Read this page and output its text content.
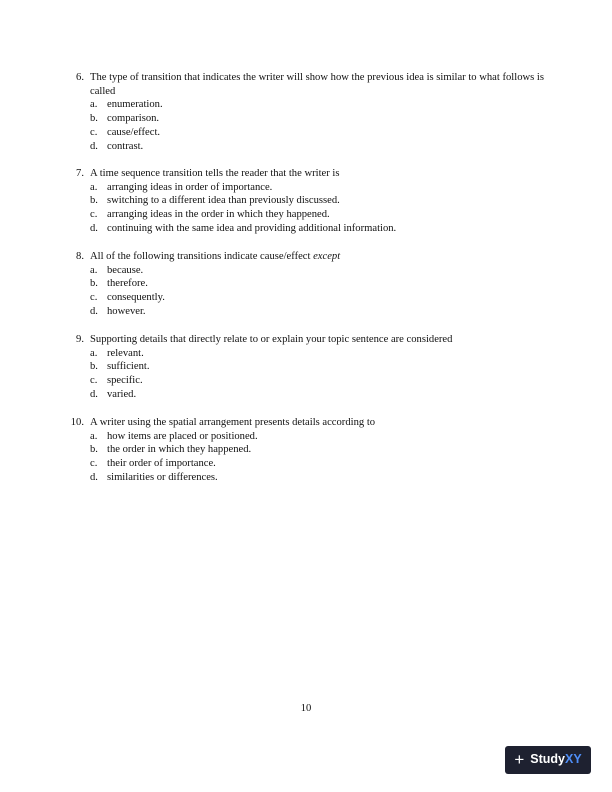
6. The type of transition that indicates the writer will show how the previous idea is similar to what follows is called
a. enumeration.
b. comparison.
c. cause/effect.
d. contrast.
7. A time sequence transition tells the reader that the writer is
a. arranging ideas in order of importance.
b. switching to a different idea than previously discussed.
c. arranging ideas in the order in which they happened.
d. continuing with the same idea and providing additional information.
8. All of the following transitions indicate cause/effect except
a. because.
b. therefore.
c. consequently.
d. however.
9. Supporting details that directly relate to or explain your topic sentence are considered
a. relevant.
b. sufficient.
c. specific.
d. varied.
10. A writer using the spatial arrangement presents details according to
a. how items are placed or positioned.
b. the order in which they happened.
c. their order of importance.
d. similarities or differences.
10
+ StudyXY
